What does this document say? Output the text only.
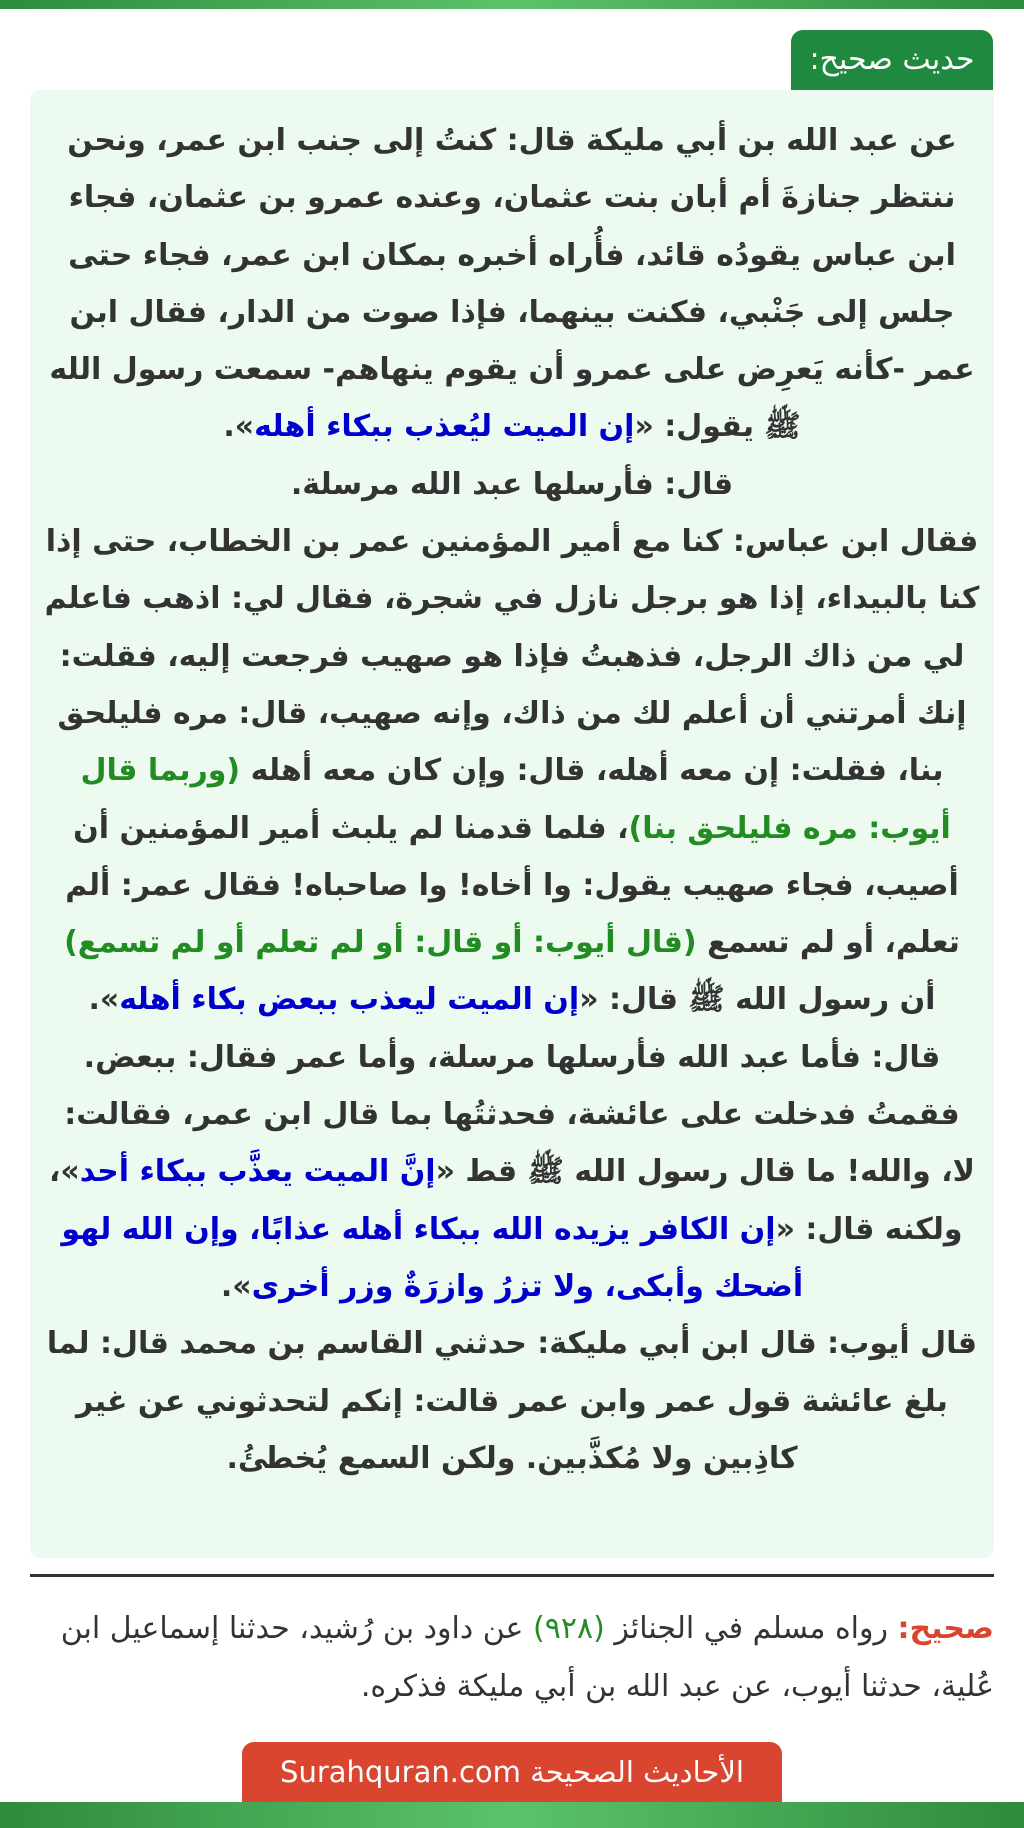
حديث صحيح:

عن عبد الله بن أبي مليكة قال: كنتُ إلى جنب ابن عمر، ونحن ننتظر جنازةَ أم أبان بنت عثمان، وعنده عمرو بن عثمان، فجاء ابن عباس يقودُه قائد، فأُراه أخبره بمكان ابن عمر، فجاء حتى جلس إلى جَنْبي، فكنت بينهما، فإذا صوت من الدار، فقال ابن عمر -كأنه يَعرِض على عمرو أن يقوم ينهاهم- سمعت رسول الله ﷺ يقول: «إن الميت ليُعذب ببكاء أهله».

قال: فأرسلها عبد الله مرسلة.

فقال ابن عباس: كنا مع أمير المؤمنين عمر بن الخطاب، حتى إذا كنا بالبيداء، إذا هو برجل نازل في شجرة، فقال لي: اذهب فاعلم لي من ذاك الرجل، فذهبتُ فإذا هو صهيب فرجعت إليه، فقلت: إنك أمرتني أن أعلم لك من ذاك، وإنه صهيب، قال: مره فليلحق بنا، فقلت: إن معه أهله، قال: وإن كان معه أهله (وربما قال أيوب: مره فليلحق بنا)، فلما قدمنا لم يلبث أمير المؤمنين أن أصيب، فجاء صهيب يقول: وا أخاه! وا صاحباه! فقال عمر: ألم تعلم، أو لم تسمع (قال أيوب: أو قال: أو لم تعلم أو لم تسمع) أن رسول الله ﷺ قال: «إن الميت ليعذب ببعض بكاء أهله».

قال: فأما عبد الله فأرسلها مرسلة، وأما عمر فقال: ببعض. فقمتُ فدخلت على عائشة، فحدثتُها بما قال ابن عمر، فقالت: لا، والله! ما قال رسول الله ﷺ قط «إنَّ الميت يعذَّب ببكاء أحد»، ولكنه قال: «إن الكافر يزيده الله ببكاء أهله عذابًا، وإن الله لهو أضحك وأبكى، ولا تزرُ وازرَةٌ وزر أخرى».

قال أيوب: قال ابن أبي مليكة: حدثني القاسم بن محمد قال: لما بلغ عائشة قول عمر وابن عمر قالت: إنكم لتحدثوني عن غير كاذِبين ولا مُكذَّبين. ولكن السمع يُخطئُ.

صحيح: رواه مسلم في الجنائز (٩٢٨) عن داود بن رُشيد، حدثنا إسماعيل ابن عُلية، حدثنا أيوب، عن عبد الله بن أبي مليكة فذكره.
الأحاديث الصحيحة Surahquran.com
